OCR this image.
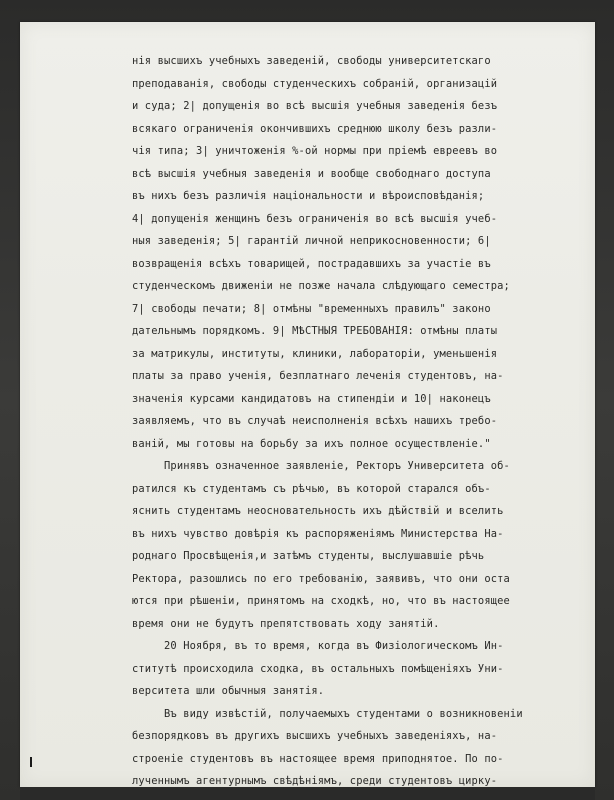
нія высшихъ учебныхъ заведеній, свободы университетскаго
преподаванія, свободы студенческихъ собраній, организацій
и суда; 2| допущенія во всѣ высшія учебныя заведенія безъ
всякаго ограниченія окончившихъ среднюю школу безъ разли-
чія типа; 3| уничтоженія %-ой нормы при пріемѣ евреевъ во
всѣ высшія учебныя заведенія и вообще свободнаго доступа
въ нихъ безъ различія національности и вѣроисповѣданія;
4| допущенія женщинъ безъ ограниченія во всѣ высшія учеб-
ныя заведенія; 5| гарантій личной неприкосновенности; 6|
возвращенія всѣхъ товарищей, пострадавшихъ за участіе въ
студенческомъ движеніи не позже начала слѣдующаго семестра;
7| свободы печати; 8| отмѣны "временныхъ правилъ" законо
дательнымъ порядкомъ. 9| МѢСТНЫЯ ТРЕБОВАНІЯ: отмѣны платы
за матрикулы, институты, клиники, лабораторіи, уменьшенія
платы за право ученія, безплатнаго леченія студентовъ, на-
значенія курсами кандидатовъ на стипендіи и 10| наконецъ
заявляемъ, что въ случаѣ неисполненія всѣхъ нашихъ требо-
ваній, мы готовы на борьбу за ихъ полное осуществленіе."
Принявъ означенное заявленіе, Ректоръ Университета об-
ратился къ студентамъ съ рѣчью, въ которой старался объ-
яснить студентамъ неосновательность ихъ дѣйствій и вселить
въ нихъ чувство довѣрія къ распоряженіямъ Министерства На-
роднаго Просвѣщенія,и затѣмъ студенты, выслушавшіе рѣчь
Ректора, разошлись по его требованію, заявивъ, что они оста
ются при рѣшеніи, принятомъ на сходкѣ, но, что въ настоящее
время они не будутъ препятствовать ходу занятій.
20 Ноября, въ то время, когда въ Физіологическомъ Ин-
ститутѣ происходила сходка, въ остальныхъ помѣщеніяхъ Уни-
верситета шли обычныя занятія.
Въ виду извѣстій, получаемыхъ студентами о возникновеніи
безпорядковъ въ другихъ высшихъ учебныхъ заведеніяхъ, на-
строеніе студентовъ въ настоящее время приподнятое. По по-
лученнымъ агентурнымъ свѣдѣніямъ, среди студентовъ цирку-
